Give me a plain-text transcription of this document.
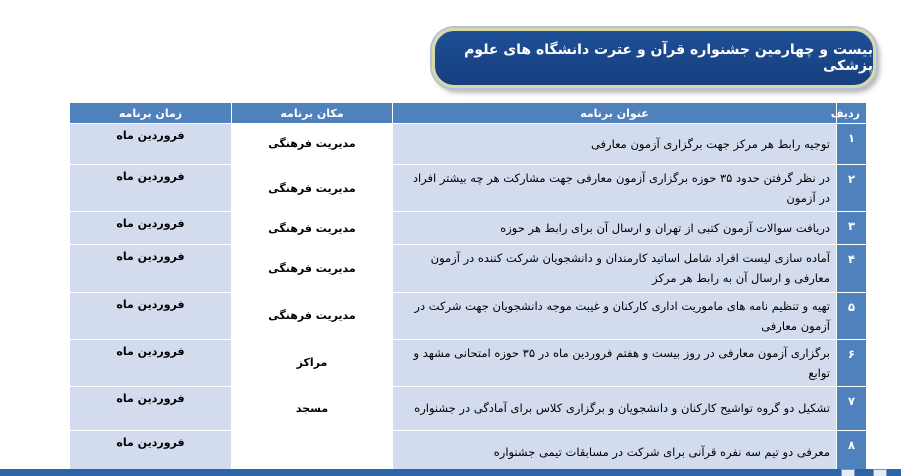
بیست و چهارمین جشنواره قرآن و عترت دانشگاه های علوم پزشکی
ردیف	عنوان برنامه	مکان برنامه	زمان برنامه
۱	توجیه رابط هر مرکز جهت برگزاری آزمون معارفی	مدیریت فرهنگی	فروردین ماه
۲	در نظر گرفتن حدود ۳۵ حوزه برگزاری آزمون معارفی جهت مشارکت هر چه بیشتر افراد در آزمون	مدیریت فرهنگی	فروردین ماه
۳	دریافت سوالات آزمون کتبی از تهران و ارسال آن برای رابط هر حوزه	مدیریت فرهنگی	فروردین ماه
۴	آماده سازی لیست افراد شامل اساتید کارمندان و دانشجویان شرکت کننده در آزمون معارفی و ارسال آن به رابط هر مرکز	مدیریت فرهنگی	فروردین ماه
۵	تهیه و تنظیم نامه های ماموریت اداری کارکنان و غیبت موجه دانشجویان جهت شرکت در آزمون معارفی	مدیریت فرهنگی	فروردین ماه
۶	برگزاری آزمون معارفی در روز بیست و هفتم فروردین ماه در ۳۵ حوزه امتحانی مشهد و توابع	مراکز	فروردین ماه
۷	تشکیل دو گروه تواشیح کارکنان و دانشجویان و برگزاری کلاس برای آمادگی در جشنواره	مسجد	فروردین ماه
۸	معرفی دو تیم سه نفره قرآنی برای شرکت در مسابقات تیمی جشنواره		فروردین ماه
